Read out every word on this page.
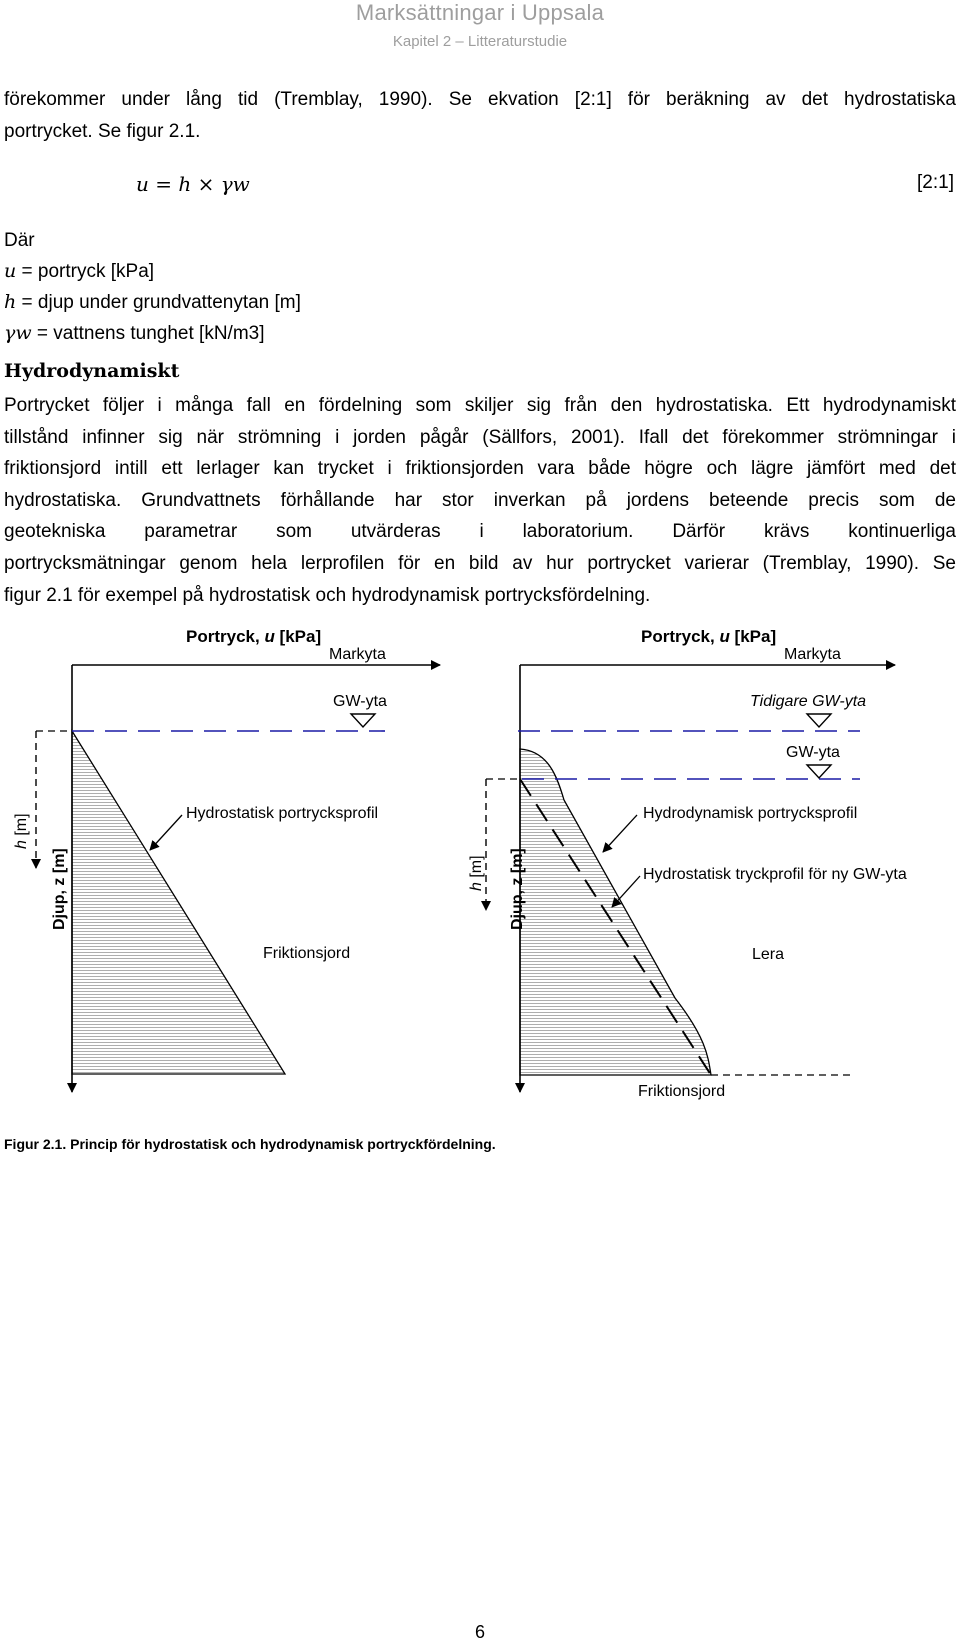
Marksättningar i Uppsala
Kapitel 2 – Litteraturstudie
förekommer under lång tid (Tremblay, 1990). Se ekvation [2:1] för beräkning av det hydrostatiska
portrycket. Se figur 2.1.
u = h × γw	[2:1]
Där
u = portryck [kPa]
h = djup under grundvattenytan [m]
γw = vattnens tunghet [kN/m3]
Hydrodynamiskt
Portrycket följer i många fall en fördelning som skiljer sig från den hydrostatiska. Ett hydrodynamiskt
tillstånd infinner sig när strömning i jorden pågår (Sällfors, 2001). Ifall det förekommer strömningar i
friktionsjord intill ett lerlager kan trycket i friktionsjorden vara både högre och lägre jämfört med det
hydrostatiska. Grundvattnets förhållande har stor inverkan på jordens beteende precis som de
geotekniska parametrar som utvärderas i laboratorium. Därför krävs kontinuerliga
portrycksmätningar genom hela lerprofilen för en bild av hur portrycket varierar (Tremblay, 1990). Se
figur 2.1 för exempel på hydrostatisk och hydrodynamisk portrycksfördelning.
Portryck, u [kPa]
Markyta
GW-yta
Hydrostatisk portrycksprofil
Friktionsjord
h [m]
Djup, z [m]
Portryck, u [kPa]
Markyta
Tidigare GW-yta
GW-yta
Hydrodynamisk portrycksprofil
Hydrostatisk tryckprofil för ny GW-yta
Lera
Friktionsjord
h [m] Djup, z [m]
Figur 2.1. Princip för hydrostatisk och hydrodynamisk portryckfördelning.
6
